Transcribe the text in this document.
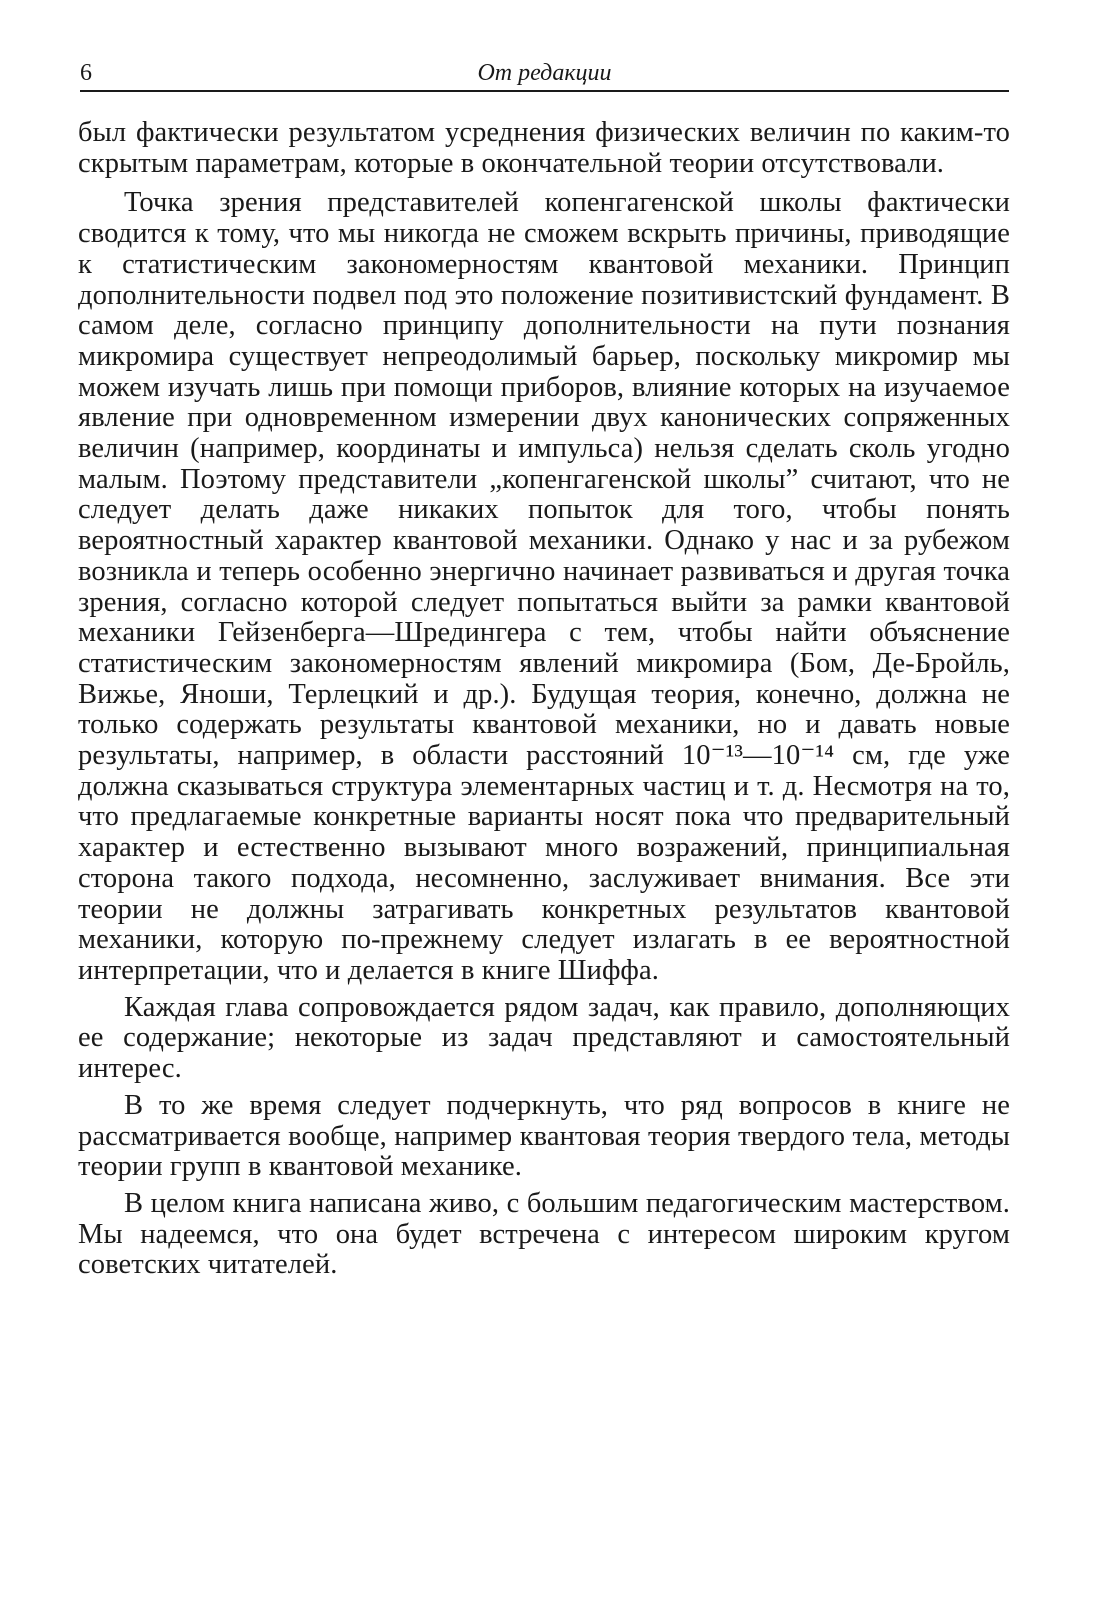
6	От редакции

был фактически результатом усреднения физических величин по каким-то скрытым параметрам, которые в окончательной теории отсутствовали.

Точка зрения представителей копенгагенской школы фактически сводится к тому, что мы никогда не сможем вскрыть причины, приводящие к статистическим закономерностям квантовой механики. Принцип дополнительности подвел под это положение позитивистский фундамент. В самом деле, согласно принципу дополнительности на пути познания микромира существует непреодолимый барьер, поскольку микромир мы можем изучать лишь при помощи приборов, влияние которых на изучаемое явление при одновременном измерении двух канонических сопряженных величин (например, координаты и импульса) нельзя сделать сколь угодно малым. Поэтому представители „копенгагенской школы” считают, что не следует делать даже никаких попыток для того, чтобы понять вероятностный характер квантовой механики. Однако у нас и за рубежом возникла и теперь особенно энергично начинает развиваться и другая точка зрения, согласно которой следует попытаться выйти за рамки квантовой механики Гейзенберга—Шредингера с тем, чтобы найти объяснение статистическим закономерностям явлений микромира (Бом, Де-Бройль, Вижье, Яноши, Терлецкий и др.). Будущая теория, конечно, должна не только содержать результаты квантовой механики, но и давать новые результаты, например, в области расстояний 10⁻¹³—10⁻¹⁴ см, где уже должна сказываться структура элементарных частиц и т. д. Несмотря на то, что предлагаемые конкретные варианты носят пока что предварительный характер и естественно вызывают много возражений, принципиальная сторона такого подхода, несомненно, заслуживает внимания. Все эти теории не должны затрагивать конкретных результатов квантовой механики, которую по-прежнему следует излагать в ее вероятностной интерпретации, что и делается в книге Шиффа.

Каждая глава сопровождается рядом задач, как правило, дополняющих ее содержание; некоторые из задач представляют и самостоятельный интерес.

В то же время следует подчеркнуть, что ряд вопросов в книге не рассматривается вообще, например квантовая теория твердого тела, методы теории групп в квантовой механике.

В целом книга написана живо, с большим педагогическим мастерством. Мы надеемся, что она будет встречена с интересом широким кругом советских читателей.
